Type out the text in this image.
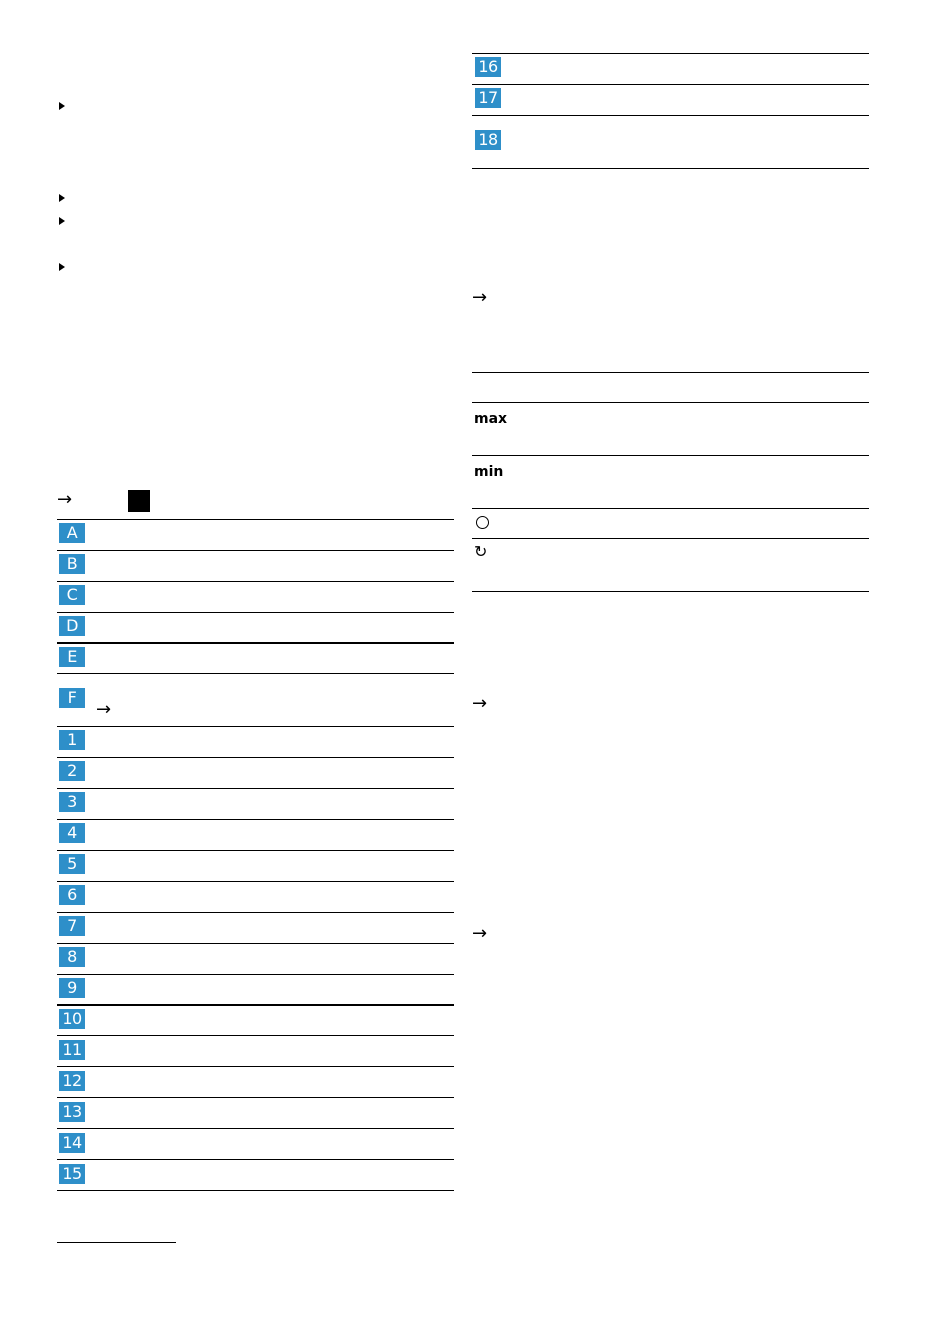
→
A
B
C
D
E
F
→
1
2
3
4
5
6
7
8
9
10
11
12
13
14
15
16
17
18
→
max
min
↻
→
→
